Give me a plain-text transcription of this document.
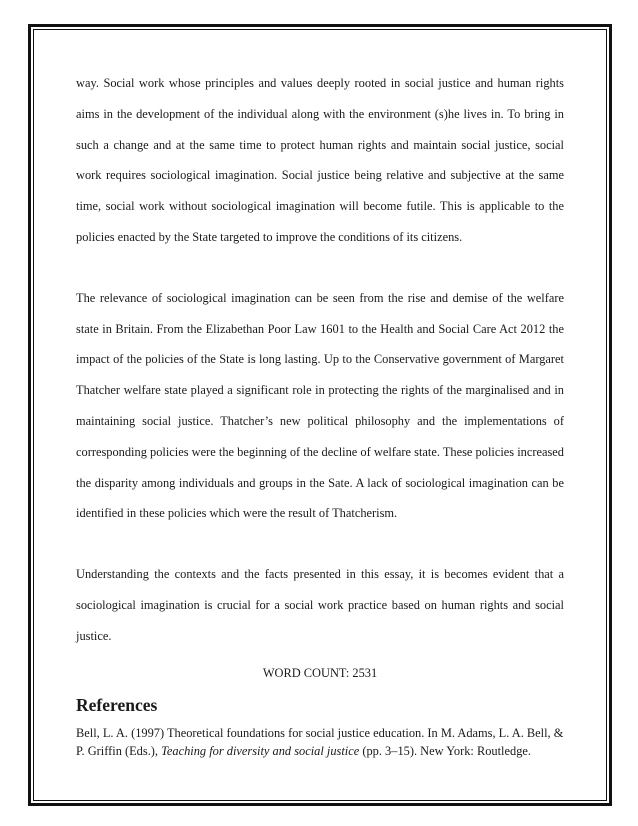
way. Social work whose principles and values deeply rooted in social justice and human rights aims in the development of the individual along with the environment (s)he lives in. To bring in such a change and at the same time to protect human rights and maintain social justice, social work requires sociological imagination. Social justice being relative and subjective at the same time, social work without sociological imagination will become futile. This is applicable to the policies enacted by the State targeted to improve the conditions of its citizens.

The relevance of sociological imagination can be seen from the rise and demise of the welfare state in Britain. From the Elizabethan Poor Law 1601 to the Health and Social Care Act 2012 the impact of the policies of the State is long lasting. Up to the Conservative government of Margaret Thatcher welfare state played a significant role in protecting the rights of the marginalised and in maintaining social justice. Thatcher’s new political philosophy and the implementations of corresponding policies were the beginning of the decline of welfare state. These policies increased the disparity among individuals and groups in the Sate. A lack of sociological imagination can be identified in these policies which were the result of Thatcherism.

Understanding the contexts and the facts presented in this essay, it is becomes evident that a sociological imagination is crucial for a social work practice based on human rights and social justice.

WORD COUNT: 2531
References
Bell, L. A. (1997) Theoretical foundations for social justice education. In M. Adams, L. A. Bell, & P. Griffin (Eds.), Teaching for diversity and social justice (pp. 3–15). New York: Routledge.
